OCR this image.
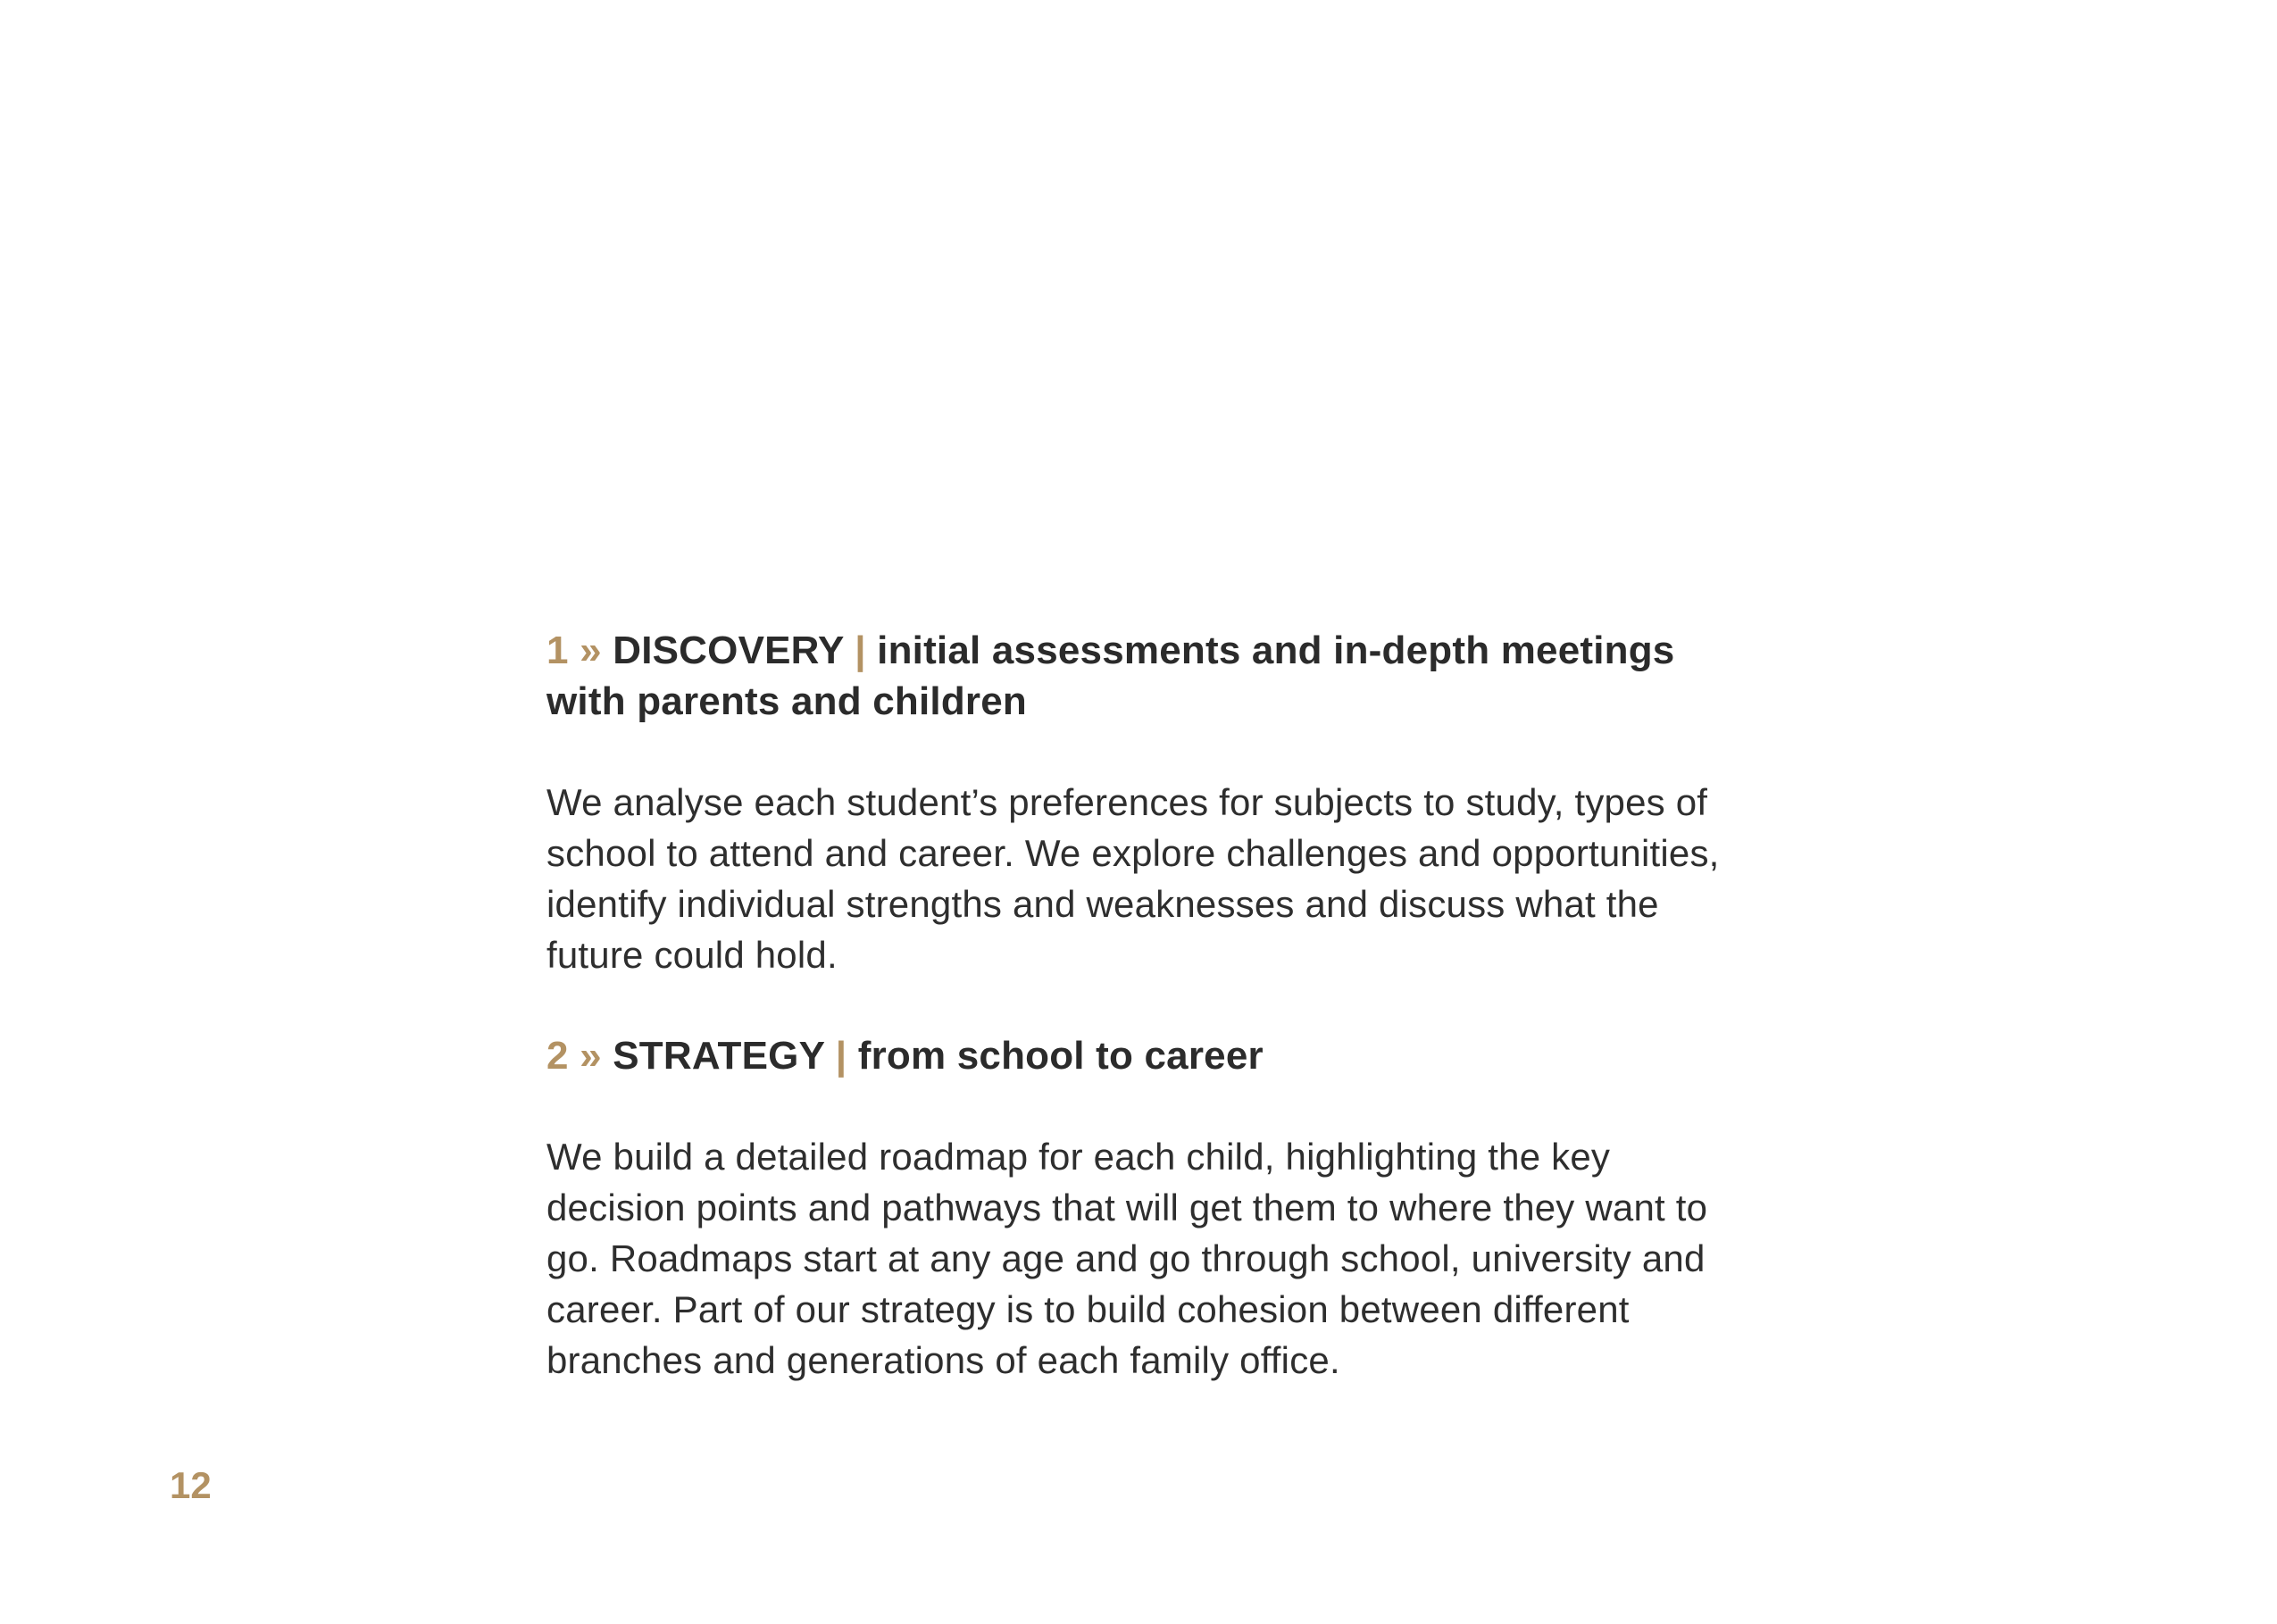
1 » DISCOVERY | initial assessments and in-depth meetings with parents and children

We analyse each student’s preferences for subjects to study, types of school to attend and career. We explore challenges and opportunities, identify individual strengths and weaknesses and discuss what the future could hold.

2 » STRATEGY | from school to career

We build a detailed roadmap for each child, highlighting the key decision points and pathways that will get them to where they want to go. Roadmaps start at any age and go through school, university and career. Part of our strategy is to build cohesion between different branches and generations of each family office.

12
